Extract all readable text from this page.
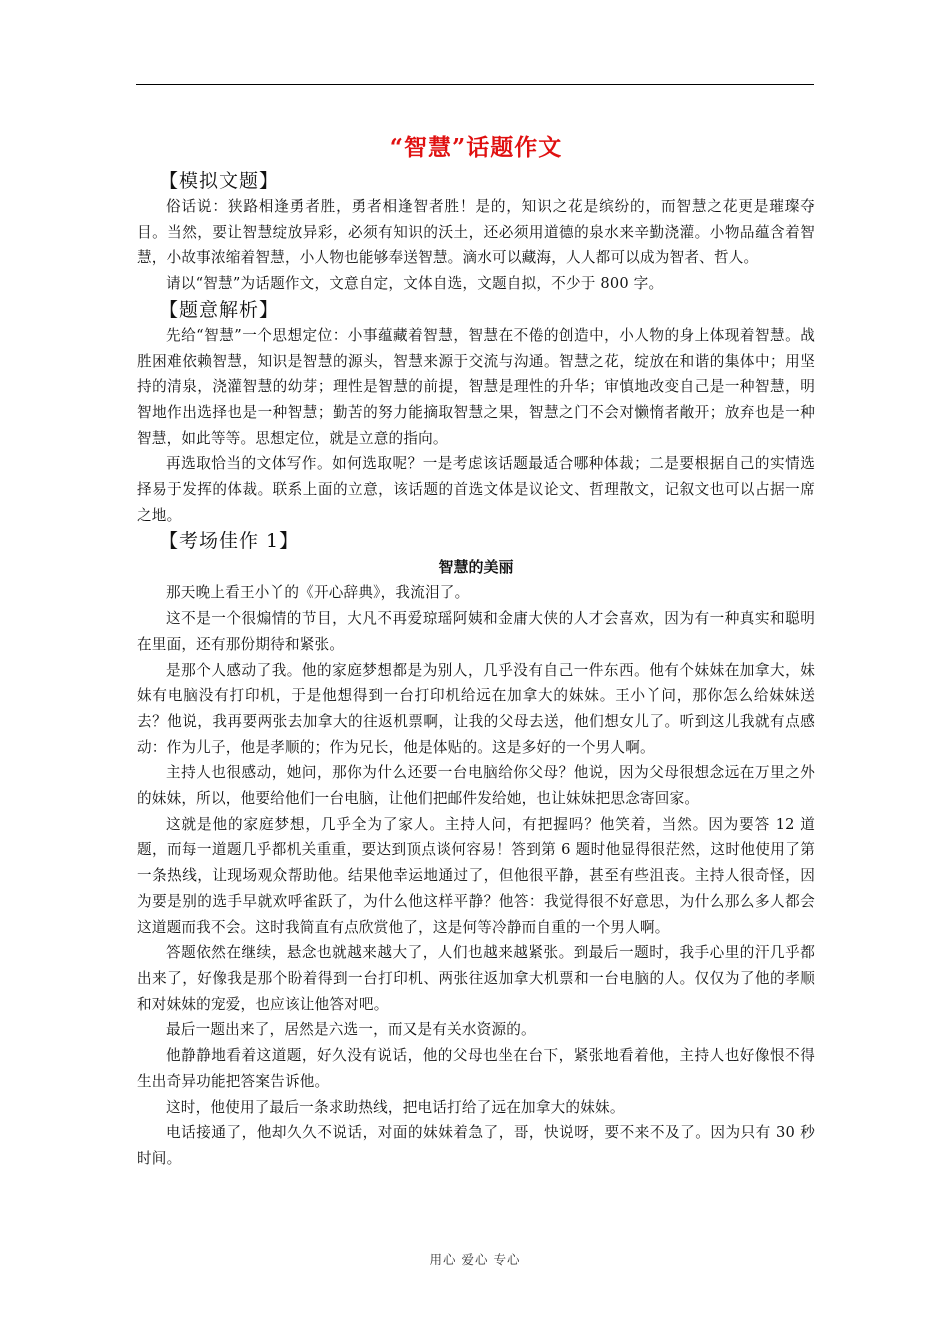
“智慧”话题作文

【模拟文题】

俗话说：狭路相逢勇者胜，勇者相逢智者胜！是的，知识之花是缤纷的，而智慧之花更是璀璨夺目。当然，要让智慧绽放异彩，必须有知识的沃土，还必须用道德的泉水来辛勤浇灌。小物品蕴含着智慧，小故事浓缩着智慧，小人物也能够奉送智慧。滴水可以藏海，人人都可以成为智者、哲人。

请以“智慧”为话题作文，文意自定，文体自选，文题自拟，不少于 800 字。

【题意解析】

先给“智慧”一个思想定位：小事蕴藏着智慧，智慧在不倦的创造中，小人物的身上体现着智慧。战胜困难依赖智慧，知识是智慧的源头，智慧来源于交流与沟通。智慧之花，绽放在和谐的集体中；用坚持的清泉，浇灌智慧的幼芽；理性是智慧的前提，智慧是理性的升华；审慎地改变自己是一种智慧，明智地作出选择也是一种智慧；勤苦的努力能摘取智慧之果，智慧之门不会对懒惰者敞开；放弃也是一种智慧，如此等等。思想定位，就是立意的指向。

再选取恰当的文体写作。如何选取呢？一是考虑该话题最适合哪种体裁；二是要根据自己的实情选择易于发挥的体裁。联系上面的立意，该话题的首选文体是议论文、哲理散文，记叙文也可以占据一席之地。

【考场佳作 1】

智慧的美丽

那天晚上看王小丫的《开心辞典》，我流泪了。

这不是一个很煽情的节目，大凡不再爱琼瑶阿姨和金庸大侠的人才会喜欢，因为有一种真实和聪明在里面，还有那份期待和紧张。

是那个人感动了我。他的家庭梦想都是为别人，几乎没有自己一件东西。他有个妹妹在加拿大，妹妹有电脑没有打印机，于是他想得到一台打印机给远在加拿大的妹妹。王小丫问，那你怎么给妹妹送去？他说，我再要两张去加拿大的往返机票啊，让我的父母去送，他们想女儿了。听到这儿我就有点感动：作为儿子，他是孝顺的；作为兄长，他是体贴的。这是多好的一个男人啊。

主持人也很感动，她问，那你为什么还要一台电脑给你父母？他说，因为父母很想念远在万里之外的妹妹，所以，他要给他们一台电脑，让他们把邮件发给她，也让妹妹把思念寄回家。

这就是他的家庭梦想，几乎全为了家人。主持人问，有把握吗？他笑着，当然。因为要答 12 道题，而每一道题几乎都机关重重，要达到顶点谈何容易！答到第 6 题时他显得很茫然，这时他使用了第一条热线，让现场观众帮助他。结果他幸运地通过了，但他很平静，甚至有些沮丧。主持人很奇怪，因为要是别的选手早就欢呼雀跃了，为什么他这样平静？他答：我觉得很不好意思，为什么那么多人都会这道题而我不会。这时我简直有点欣赏他了，这是何等冷静而自重的一个男人啊。

答题依然在继续，悬念也就越来越大了，人们也越来越紧张。到最后一题时，我手心里的汗几乎都出来了，好像我是那个盼着得到一台打印机、两张往返加拿大机票和一台电脑的人。仅仅为了他的孝顺和对妹妹的宠爱，也应该让他答对吧。

最后一题出来了，居然是六选一，而又是有关水资源的。

他静静地看着这道题，好久没有说话，他的父母也坐在台下，紧张地看着他，主持人也好像恨不得生出奇异功能把答案告诉他。

这时，他使用了最后一条求助热线，把电话打给了远在加拿大的妹妹。

电话接通了，他却久久不说话，对面的妹妹着急了，哥，快说呀，要不来不及了。因为只有 30 秒时间。

用心 爱心 专心
